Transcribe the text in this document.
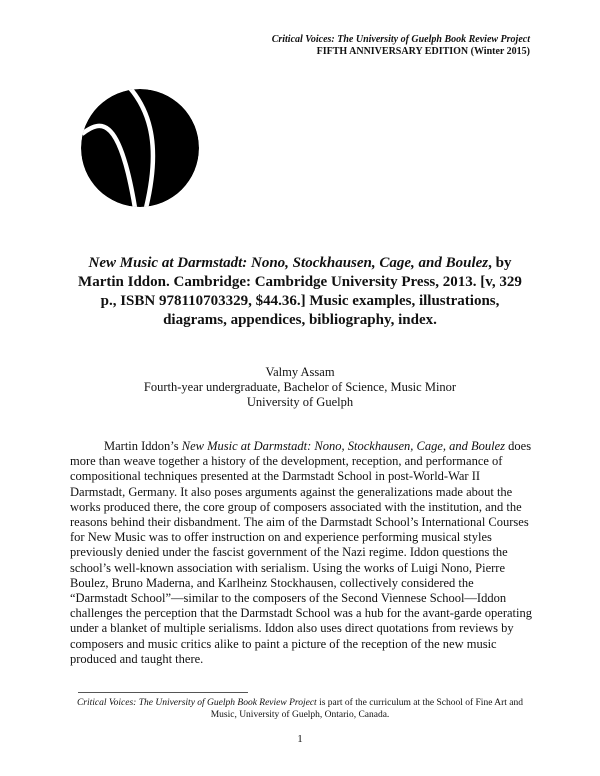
Critical Voices: The University of Guelph Book Review Project
FIFTH ANNIVERSARY EDITION (Winter 2015)
New Music at Darmstadt: Nono, Stockhausen, Cage, and Boulez, by Martin Iddon. Cambridge: Cambridge University Press, 2013. [v, 329 p., ISBN 978110703329, $44.36.] Music examples, illustrations, diagrams, appendices, bibliography, index.
Valmy Assam
Fourth-year undergraduate, Bachelor of Science, Music Minor
University of Guelph

Martin Iddon’s New Music at Darmstadt: Nono, Stockhausen, Cage, and Boulez does more than weave together a history of the development, reception, and performance of compositional techniques presented at the Darmstadt School in post-World-War II Darmstadt, Germany. It also poses arguments against the generalizations made about the works produced there, the core group of composers associated with the institution, and the reasons behind their disbandment. The aim of the Darmstadt School’s International Courses for New Music was to offer instruction on and experience performing musical styles previously denied under the fascist government of the Nazi regime. Iddon questions the school’s well-known association with serialism. Using the works of Luigi Nono, Pierre Boulez, Bruno Maderna, and Karlheinz Stockhausen, collectively considered the “Darmstadt School”—similar to the composers of the Second Viennese School—Iddon challenges the perception that the Darmstadt School was a hub for the avant-garde operating under a blanket of multiple serialisms. Iddon also uses direct quotations from reviews by composers and music critics alike to paint a picture of the reception of the new music produced and taught there.

Critical Voices: The University of Guelph Book Review Project is part of the curriculum at the School of Fine Art and Music, University of Guelph, Ontario, Canada.
1
